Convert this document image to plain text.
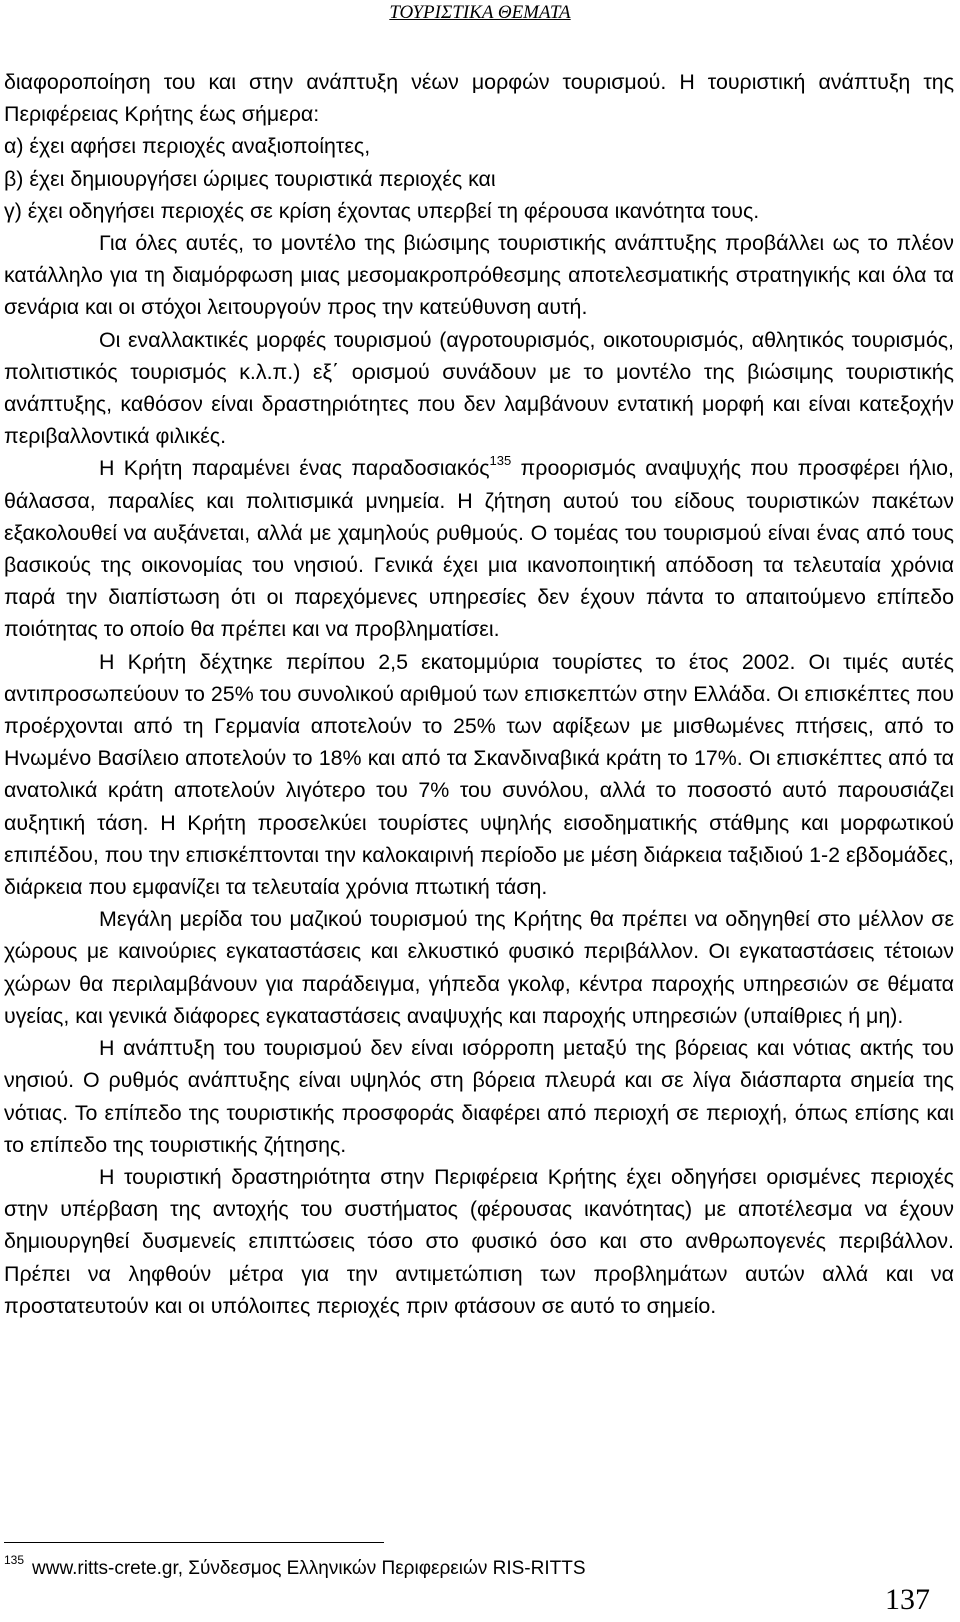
ΤΟΥΡΙΣΤΙΚΑ ΘΕΜΑΤΑ

διαφοροποίηση του και στην ανάπτυξη νέων μορφών τουρισμού. Η τουριστική ανάπτυξη της Περιφέρειας Κρήτης έως σήμερα:

α) έχει αφήσει περιοχές αναξιοποίητες,

β) έχει δημιουργήσει ώριμες τουριστικά περιοχές και

γ) έχει οδηγήσει περιοχές σε κρίση έχοντας υπερβεί τη φέρουσα ικανότητα τους.

Για όλες αυτές, το μοντέλο της βιώσιμης τουριστικής ανάπτυξης προβάλλει ως το πλέον κατάλληλο για τη διαμόρφωση μιας μεσομακροπρόθεσμης αποτελεσματικής στρατηγικής και όλα τα σενάρια και οι στόχοι λειτουργούν προς την κατεύθυνση αυτή.

Οι εναλλακτικές μορφές τουρισμού (αγροτουρισμός, οικοτουρισμός, αθλητικός τουρισμός, πολιτιστικός τουρισμός κ.λ.π.) εξ΄ ορισμού συνάδουν με το μοντέλο της βιώσιμης τουριστικής ανάπτυξης, καθόσον είναι δραστηριότητες που δεν λαμβάνουν εντατική μορφή και είναι κατεξοχήν περιβαλλοντικά φιλικές.

Η Κρήτη παραμένει ένας παραδοσιακός$^{135}$ προορισμός αναψυχής που προσφέρει ήλιο, θάλασσα, παραλίες και πολιτισμικά μνημεία. Η ζήτηση αυτού του είδους τουριστικών πακέτων εξακολουθεί να αυξάνεται, αλλά με χαμηλούς ρυθμούς. Ο τομέας του τουρισμού είναι ένας από τους βασικούς της οικονομίας του νησιού. Γενικά έχει μια ικανοποιητική απόδοση τα τελευταία χρόνια παρά την διαπίστωση ότι οι παρεχόμενες υπηρεσίες δεν έχουν πάντα το απαιτούμενο επίπεδο ποιότητας το οποίο θα πρέπει και να προβληματίσει.

Η Κρήτη δέχτηκε περίπου 2,5 εκατομμύρια τουρίστες το έτος 2002. Οι τιμές αυτές αντιπροσωπεύουν το 25% του συνολικού αριθμού των επισκεπτών στην Ελλάδα. Οι επισκέπτες που προέρχονται από τη Γερμανία αποτελούν το 25% των αφίξεων με μισθωμένες πτήσεις, από το Ηνωμένο Βασίλειο αποτελούν το 18% και από τα Σκανδιναβικά κράτη το 17%. Οι επισκέπτες από τα ανατολικά κράτη αποτελούν λιγότερο του 7% του συνόλου, αλλά το ποσοστό αυτό παρουσιάζει αυξητική τάση. Η Κρήτη προσελκύει τουρίστες υψηλής εισοδηματικής στάθμης και μορφωτικού επιπέδου, που την επισκέπτονται την καλοκαιρινή περίοδο με μέση διάρκεια ταξιδιού 1-2 εβδομάδες, διάρκεια που εμφανίζει τα τελευταία χρόνια πτωτική τάση.

Μεγάλη μερίδα του μαζικού τουρισμού της Κρήτης θα πρέπει να οδηγηθεί στο μέλλον σε χώρους με καινούριες εγκαταστάσεις και ελκυστικό φυσικό περιβάλλον. Οι εγκαταστάσεις τέτοιων χώρων θα περιλαμβάνουν για παράδειγμα, γήπεδα γκολφ, κέντρα παροχής υπηρεσιών σε θέματα υγείας, και γενικά διάφορες εγκαταστάσεις αναψυχής και παροχής υπηρεσιών (υπαίθριες ή μη).

Η ανάπτυξη του τουρισμού δεν είναι ισόρροπη μεταξύ της βόρειας και νότιας ακτής του νησιού. Ο ρυθμός ανάπτυξης είναι υψηλός στη βόρεια πλευρά και σε λίγα διάσπαρτα σημεία της νότιας. Το επίπεδο της τουριστικής προσφοράς διαφέρει από περιοχή σε περιοχή, όπως επίσης και το επίπεδο της τουριστικής ζήτησης.

Η τουριστική δραστηριότητα στην Περιφέρεια Κρήτης έχει οδηγήσει ορισμένες περιοχές στην υπέρβαση της αντοχής του συστήματος (φέρουσας ικανότητας) με αποτέλεσμα να έχουν δημιουργηθεί δυσμενείς επιπτώσεις τόσο στο φυσικό όσο και στο ανθρωπογενές περιβάλλον. Πρέπει να ληφθούν μέτρα για την αντιμετώπιση των προβλημάτων αυτών αλλά και να προστατευτούν και οι υπόλοιπες περιοχές πριν φτάσουν σε αυτό το σημείο.

$^{135}$ www.ritts-crete.gr, Σύνδεσμος Ελληνικών Περιφερειών RIS-RITTS
137
